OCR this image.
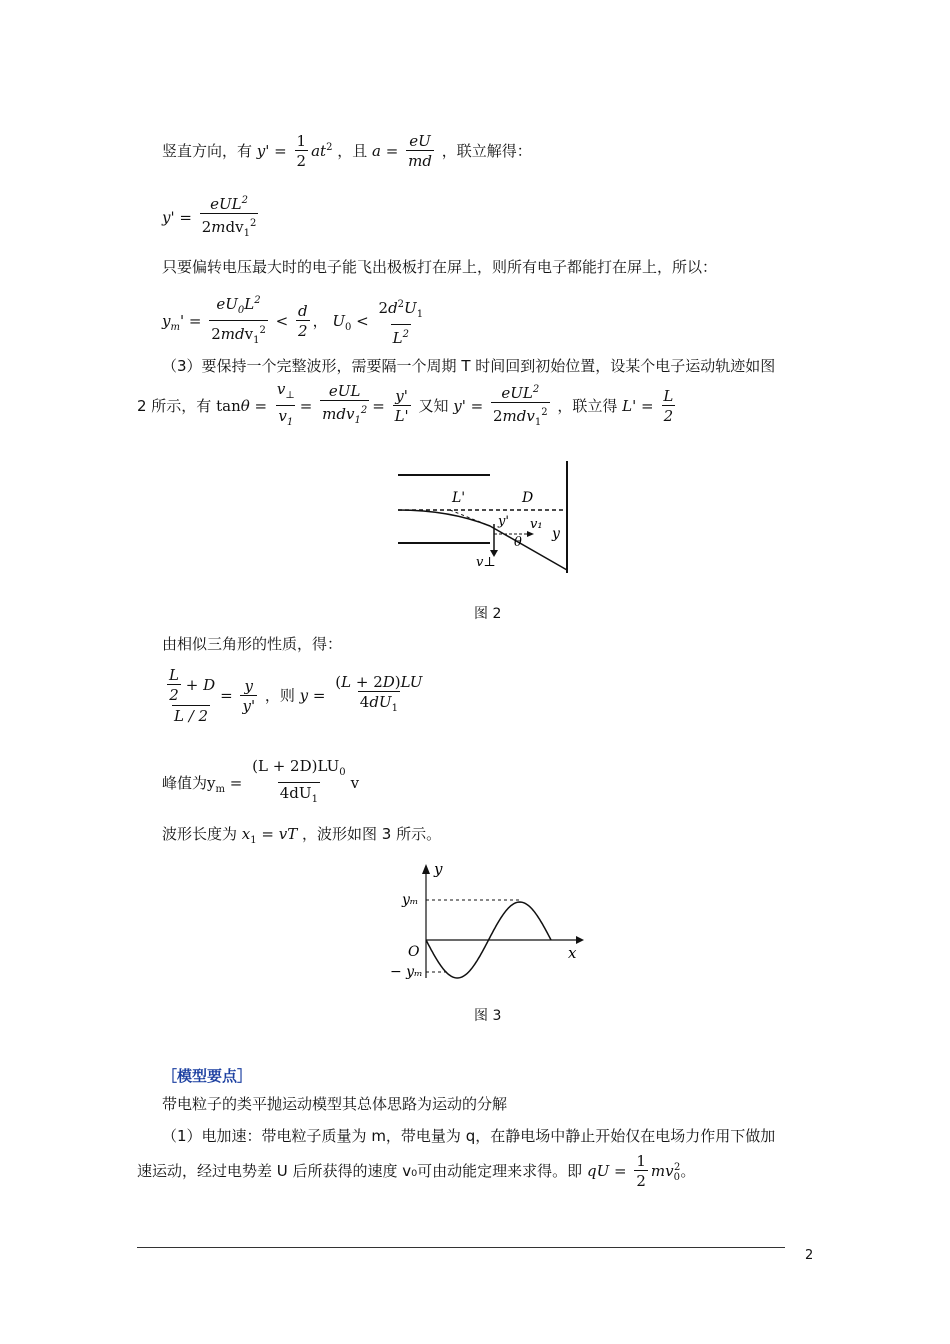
竖直方向，有 $y' = \frac{1}{2} at^2$ ，且 $a = \frac{eU}{md}$ ，联立解得：
$y' = \frac{eUL^2}{2mdv_1^2}$
只要偏转电压最大时的电子能飞出极板打在屏上，则所有电子都能打在屏上，所以：
$y_m' = \frac{eU_0L^2}{2mdv_1^2} < \frac{d}{2}$ ， $U_0 < \frac{2d^2U_1}{L^2}$
（3）要保持一个完整波形，需要隔一个周期 T 时间回到初始位置，设某个电子运动轨迹如图
2 所示，有 $\tan\theta = \frac{v_\perp}{v_1} = \frac{\text{eUL}}{mdv_1^2} = \frac{y'}{L'}$ 又知 $y' = \frac{eUL^2}{2mdv_1^2}$ ，联立得 $L' = \frac{L}{2}$
L'	D
y' v₁
y
θ
v⊥
图 2
由相似三角形的性质，得：
$\frac{\frac{L}{2} + D}{L / 2} = \frac{y}{y'}$ ，则 $y = \frac{(L + 2D)LU}{4dU_1}$
峰值为$y_m = \frac{(L + 2D)LU_0}{4dU_1}$ v
波形长度为 $x_1$ = vT ，波形如图 3 所示。
y
yₘ
O
− yₘ
x
图 3
［模型要点］
带电粒子的类平抛运动模型其总体思路为运动的分解
（1）电加速：带电粒子质量为 m，带电量为 q，在静电场中静止开始仅在电场力作用下做加
速运动，经过电势差 U 后所获得的速度 v₀可由动能定理来求得。即 qU = $\frac{1}{2} mv_0^2$。
2
